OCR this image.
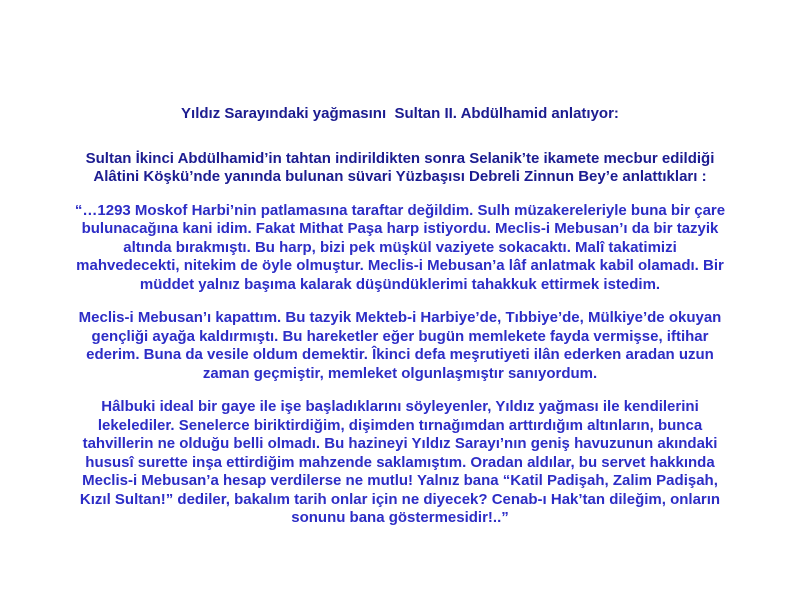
Yıldız Sarayındaki yağmasını  Sultan II. Abdülhamid anlatıyor:
Sultan İkinci Abdülhamid’in tahtan indirildikten sonra Selanik’te ikamete mecbur edildiği
Alâtini Köşkü’nde yanında bulunan süvari Yüzbaşısı Debreli Zinnun Bey’e anlattıkları :
“…1293 Moskof Harbi’nin patlamasına taraftar değildim. Sulh müzakereleriyle buna bir çare
bulunacağına kani idim. Fakat Mithat Paşa harp istiyordu. Meclis-i Mebusan’ı da bir tazyik
altında bırakmıştı. Bu harp, bizi pek müşkül vaziyete sokacaktı. Malî takatimizi
mahvedecekti, nitekim de öyle olmuştur. Meclis-i Mebusan’a lâf anlatmak kabil olamadı. Bir
müddet yalnız başıma kalarak düşündüklerimi tahakkuk ettirmek istedim.
Meclis-i Mebusan’ı kapattım. Bu tazyik Mekteb-i Harbiye’de, Tıbbiye’de, Mülkiye’de okuyan
gençliği ayağa kaldırmıştı. Bu hareketler eğer bugün memlekete fayda vermişse, iftihar
ederim. Buna da vesile oldum demektir. Îkinci defa meşrutiyeti ilân ederken aradan uzun
zaman geçmiştir, memleket olgunlaşmıştır sanıyordum.
Hâlbuki ideal bir gaye ile işe başladıklarını söyleyenler, Yıldız yağması ile kendilerini
lekelediler. Senelerce biriktirdiğim, dişimden tırnağımdan arttırdığım altınların, bunca
tahvillerin ne olduğu belli olmadı. Bu hazineyi Yıldız Sarayı’nın geniş havuzunun akındaki
hususî surette inşa ettirdiğim mahzende saklamıştım. Oradan aldılar, bu servet hakkında
Meclis-i Mebusan’a hesap verdilerse ne mutlu! Yalnız bana “Katil Padişah, Zalim Padişah,
Kızıl Sultan!” dediler, bakalım tarih onlar için ne diyecek? Cenab-ı Hak’tan dileğim, onların
sonunu bana göstermesidir!..”
